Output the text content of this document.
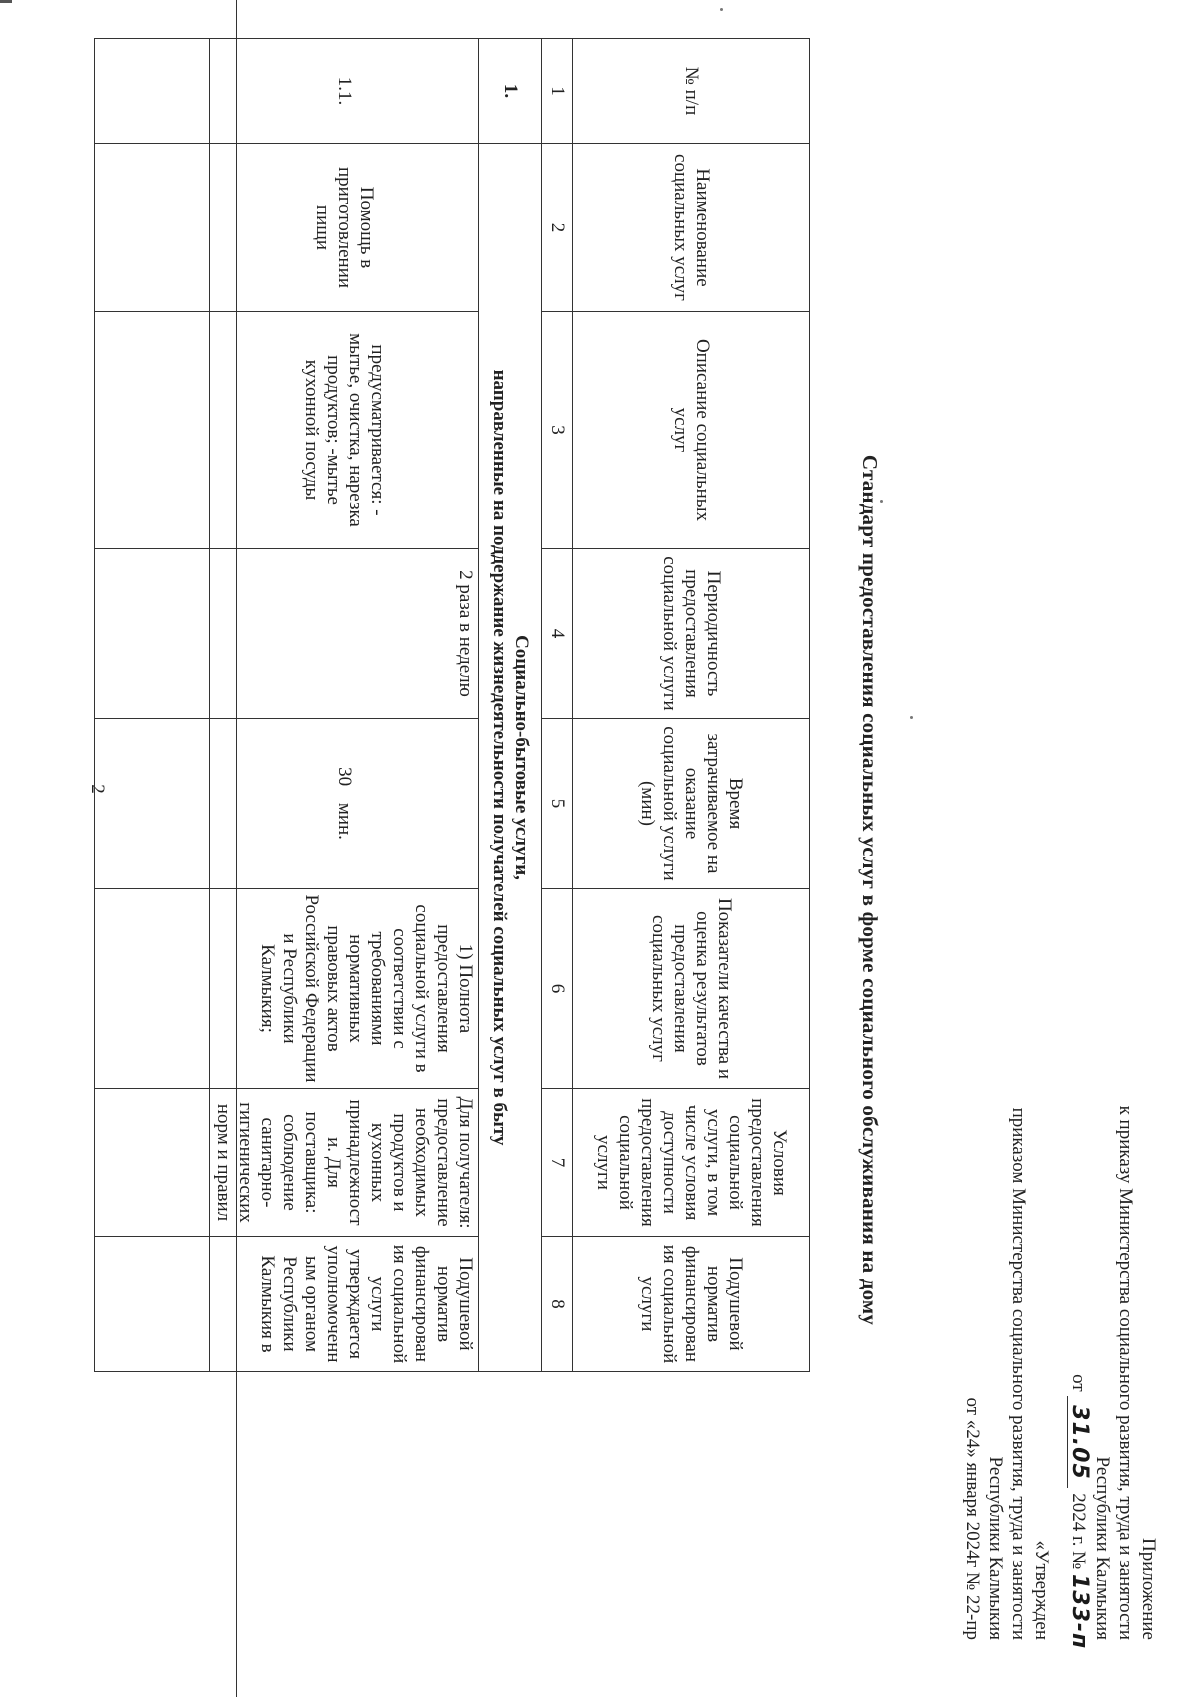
2
Приложение
к приказу Министерства социального развития, труда и занятости
Республики Калмыкия
от 31.05 2024 г. № 133-п
«Утвержден
приказом Министерства социального развития, труда и занятости
Республики Калмыкия
от «24» января 2024г № 22-пр
Стандарт предоставления социальных услуг в форме социального обслуживания на дому
№ п/п	Наименование социальных услуг	Описание социальных услуг	Периодичность предоставления социальной услуги	Время затрачиваемое на оказание социальной услуги (мин)	Показатели качества и оценка результатов предоставления социальных услуг	Условия предоставления социальной услуги, в том числе условия доступности предоставления социальной услуги	Подушевой норматив финансирован ия социальной услуги
1	2	3	4	5	6	7	8
1.	Социально-бытовые услуги,
направленные на поддержание жизнедеятельности получателей социальных услуг в быту						

1.1.	Помощь в приготовлении пищи	предусматривается: - мытье, очистка, нарезка продуктов; -мытье кухонной посуды	2 раза в неделю	30 мин.	1) Полнота предоставления социальной услуги в соответствии с требованиями нормативных правовых актов Российской Федерации и Республики Калмыкия;	Для получателя: предоставление необходимых продуктов и кухонных принадлежност и. Для поставщика: соблюдение санитарно-гигиенических норм и правил	Подушевой норматив финансирован ия социальной услуги утверждается уполномоченн ым органом Республики Калмыкия в
